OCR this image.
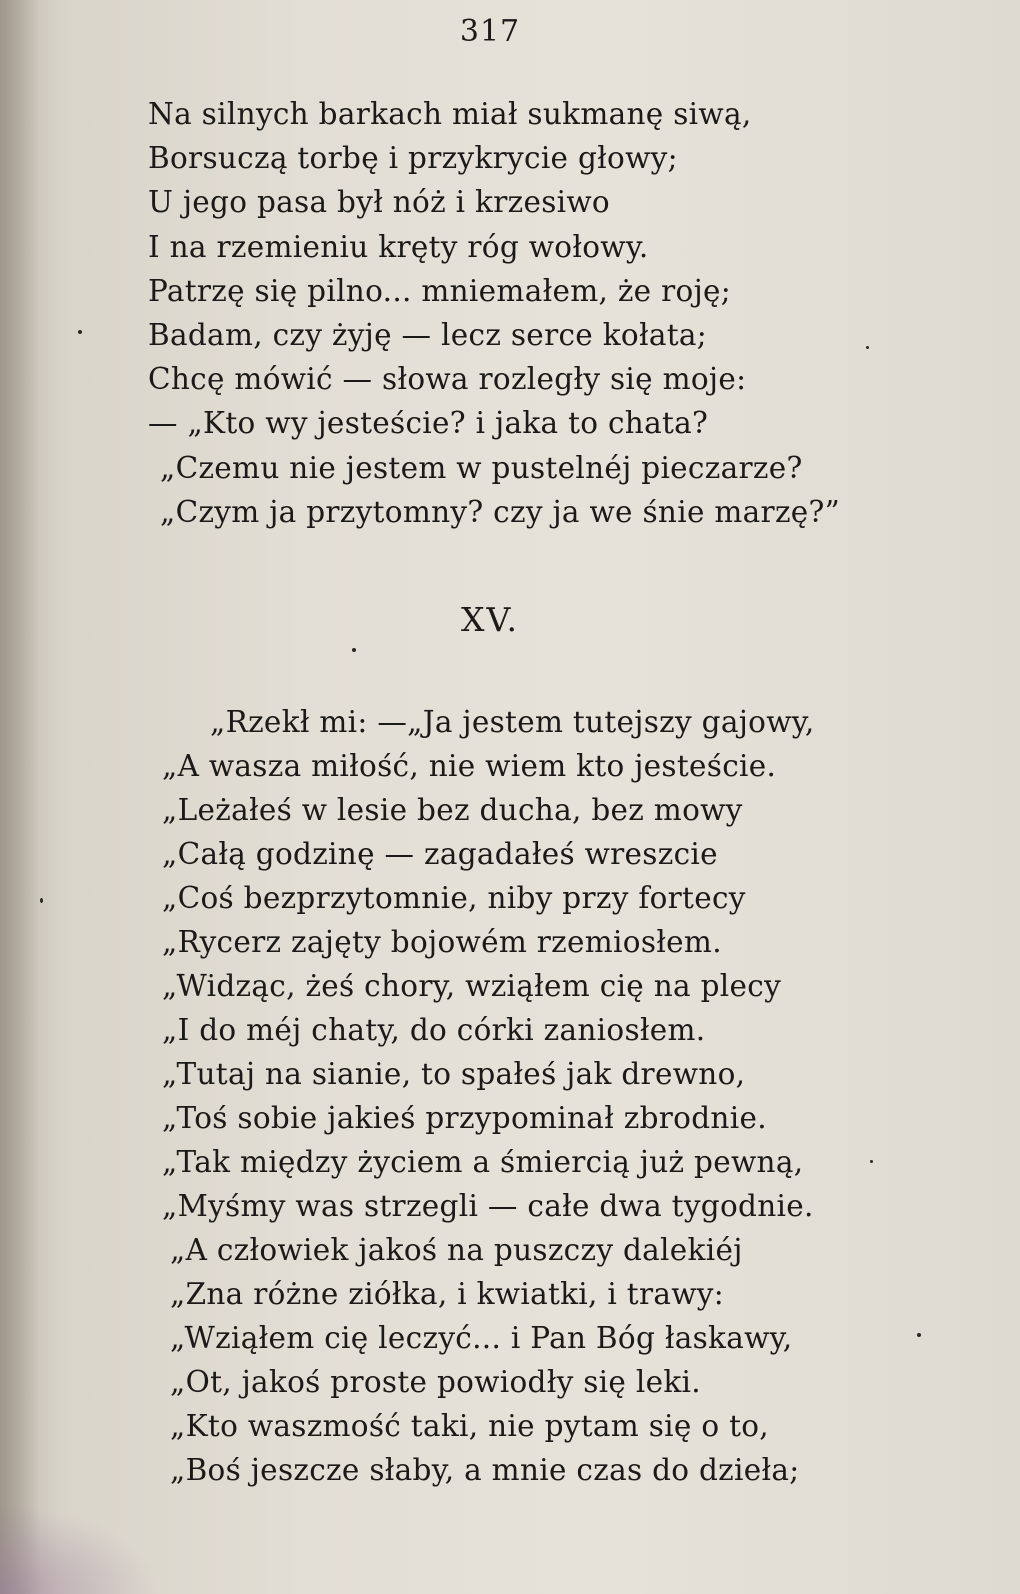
317
Na silnych barkach miał sukmanę siwą,
Borsuczą torbę i przykrycie głowy;
U jego pasa był nóż i krzesiwo
I na rzemieniu kręty róg wołowy.
Patrzę się pilno... mniemałem, że roję;
Badam, czy żyję — lecz serce kołata;
Chcę mówić — słowa rozległy się moje:
— „Kto wy jesteście? i jaka to chata?
„Czemu nie jestem w pustelnéj pieczarze?
„Czym ja przytomny? czy ja we śnie marzę?”
XV.
„Rzekł mi: —„Ja jestem tutejszy gajowy,
„A wasza miłość, nie wiem kto jesteście.
„Leżałeś w lesie bez ducha, bez mowy
„Całą godzinę — zagadałeś wreszcie
„Coś bezprzytomnie, niby przy fortecy
„Rycerz zajęty bojowém rzemiosłem.
„Widząc, żeś chory, wziąłem cię na plecy
„I do méj chaty, do córki zaniosłem.
„Tutaj na sianie, to spałeś jak drewno,
„Toś sobie jakieś przypominał zbrodnie.
„Tak między życiem a śmiercią już pewną,
„Myśmy was strzegli — całe dwa tygodnie.
„A człowiek jakoś na puszczy dalekiéj
„Zna różne ziółka, i kwiatki, i trawy:
„Wziąłem cię leczyć... i Pan Bóg łaskawy,
„Ot, jakoś proste powiodły się leki.
„Kto waszmość taki, nie pytam się o to,
„Boś jeszcze słaby, a mnie czas do dzieła;
